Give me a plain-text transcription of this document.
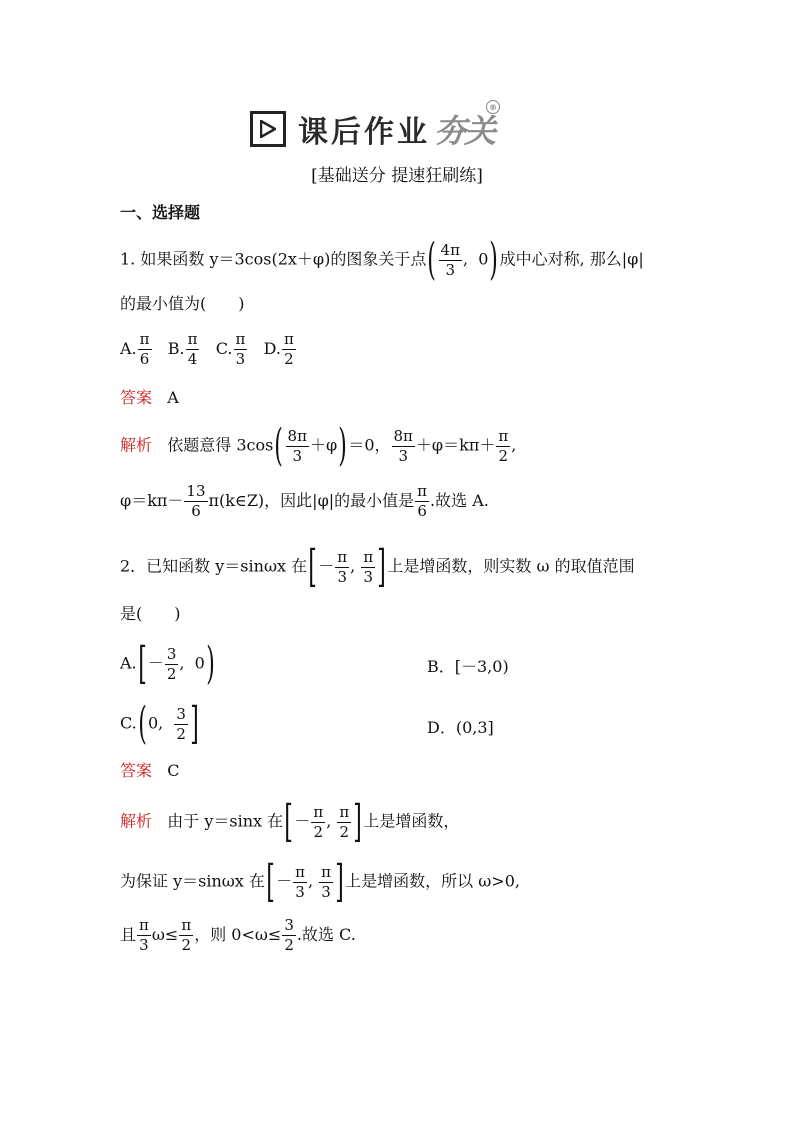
课后作业 夯关
®
[基础送分 提速狂刷练]
一、选择题
1. 如果函数 y＝3cos(2x＋φ)的图象关于点( $\frac{4\pi}{3}$ ,  0)成中心对称, 那么|φ|
的最小值为(　　)
A. $\frac{\pi}{6} B$. $\frac{\pi}{4} C$. $\frac{\pi}{3} D$. $\frac{\pi}{2}$
答案 A
解析 依题意得 $3\cos( \frac{8\pi}{3} +\varphi)=0$， $\frac{8\pi}{3} +\varphi=k\pi+ \frac{\pi}{2}$ ,
$\varphi=k\pi- \frac{13}{6}$ π(k∈Z)，因此|φ|的最小值是 $\frac{\pi}{6}$ .故选 A.
2．已知函数 y＝sinωx 在[－ $\frac{\pi}{3}$ , $\frac{\pi}{3}$ ]上是增函数，则实数 ω 的取值范围
是(　　)
$A.[- \frac{3}{2}$ ,  0)	B．[－3,0)
C.(0, $\frac{3}{2}$ ]	D．(0,3]
答案 C
解析 由于 y＝sinx 在[－ $\frac{\pi}{2}$ , $\frac{\pi}{2}$ ]上是增函数，
为保证 y＝sinωx 在[－ $\frac{\pi}{3}$ , $\frac{\pi}{3}$ ]上是增函数，所以 ω>0,
且 $\frac{\pi}{3} \omega\le \frac{\pi}{2}$ ，则 $0<\omega\le \frac{3}{2}$ .故选 C.
